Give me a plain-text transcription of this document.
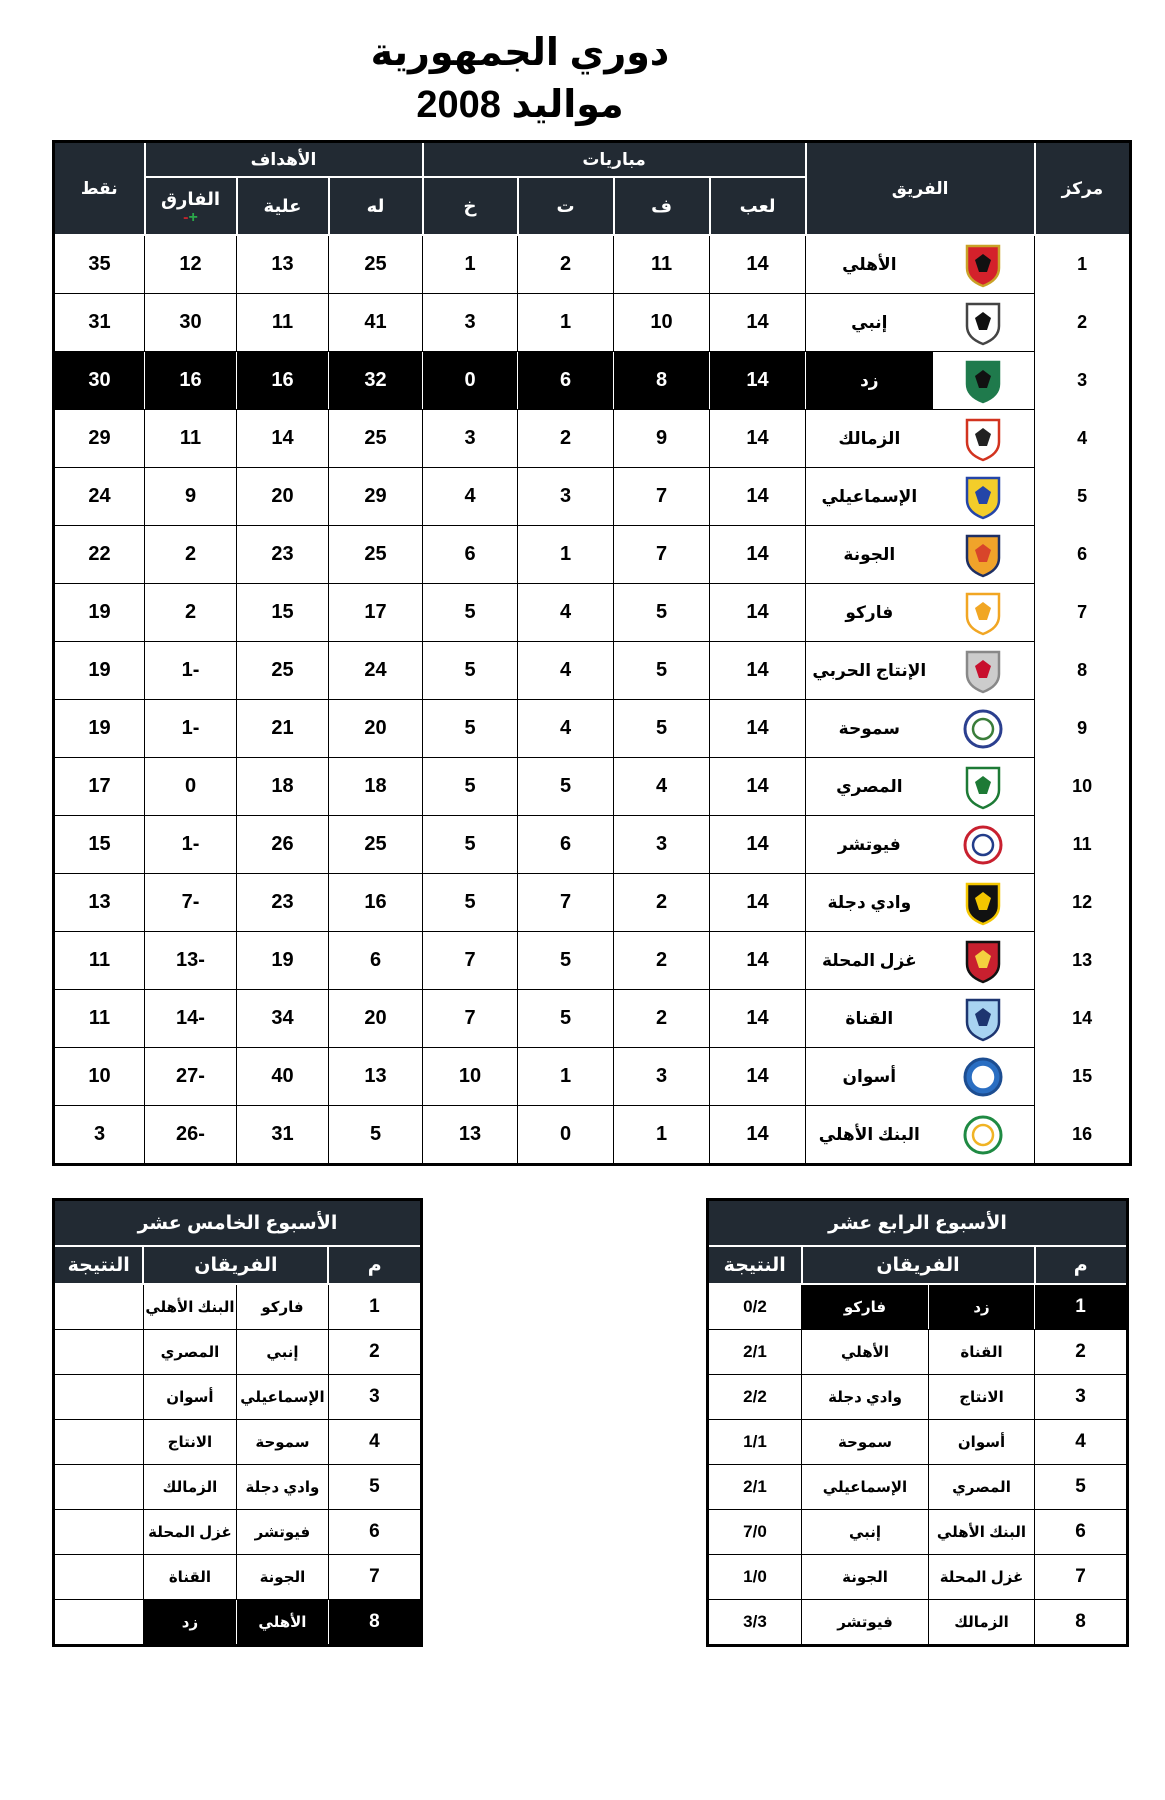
دوري الجمهورية
مواليد 2008
نقط	الأهداف			مباريات				الفريق		مركز
	الفارق
-+	علية	له	خ	ت	ف	لعب			
35	12	13	25	1	2	11	14	الأهلي		1
31	30	11	41	3	1	10	14	إنبي		2
30	16	16	32	0	6	8	14	زد		3
29	11	14	25	3	2	9	14	الزمالك		4
24	9	20	29	4	3	7	14	الإسماعيلي		5
22	2	23	25	6	1	7	14	الجونة		6
19	2	15	17	5	4	5	14	فاركو		7
19	1-	25	24	5	4	5	14	الإنتاج الحربي		8
19	1-	21	20	5	4	5	14	سموحة		9
17	0	18	18	5	5	4	14	المصري		10
15	1-	26	25	5	6	3	14	فيوتشر		11
13	7-	23	16	5	7	2	14	وادي دجلة		12
11	13-	19	6	7	5	2	14	غزل المحلة		13
11	14-	34	20	7	5	2	14	القناة		14
10	27-	40	13	10	1	3	14	أسوان		15
3	26-	31	5	13	0	1	14	البنك الأهلي		16
الأسبوع الخامس عشر			
النتيجة	الفريقان		م
	البنك الأهلي	فاركو	1
	المصري	إنبي	2
	أسوان	الإسماعيلي	3
	الانتاج	سموحة	4
	الزمالك	وادي دجلة	5
	غزل المحلة	فيوتشر	6
	القناة	الجونة	7
	زد	الأهلي	8
الأسبوع الرابع عشر			
النتيجة	الفريقان		م
0/2	فاركو	زد	1
2/1	الأهلي	القناة	2
2/2	وادي دجلة	الانتاج	3
1/1	سموحة	أسوان	4
2/1	الإسماعيلي	المصري	5
7/0	إنبي	البنك الأهلي	6
1/0	الجونة	غزل المحلة	7
3/3	فيوتشر	الزمالك	8
